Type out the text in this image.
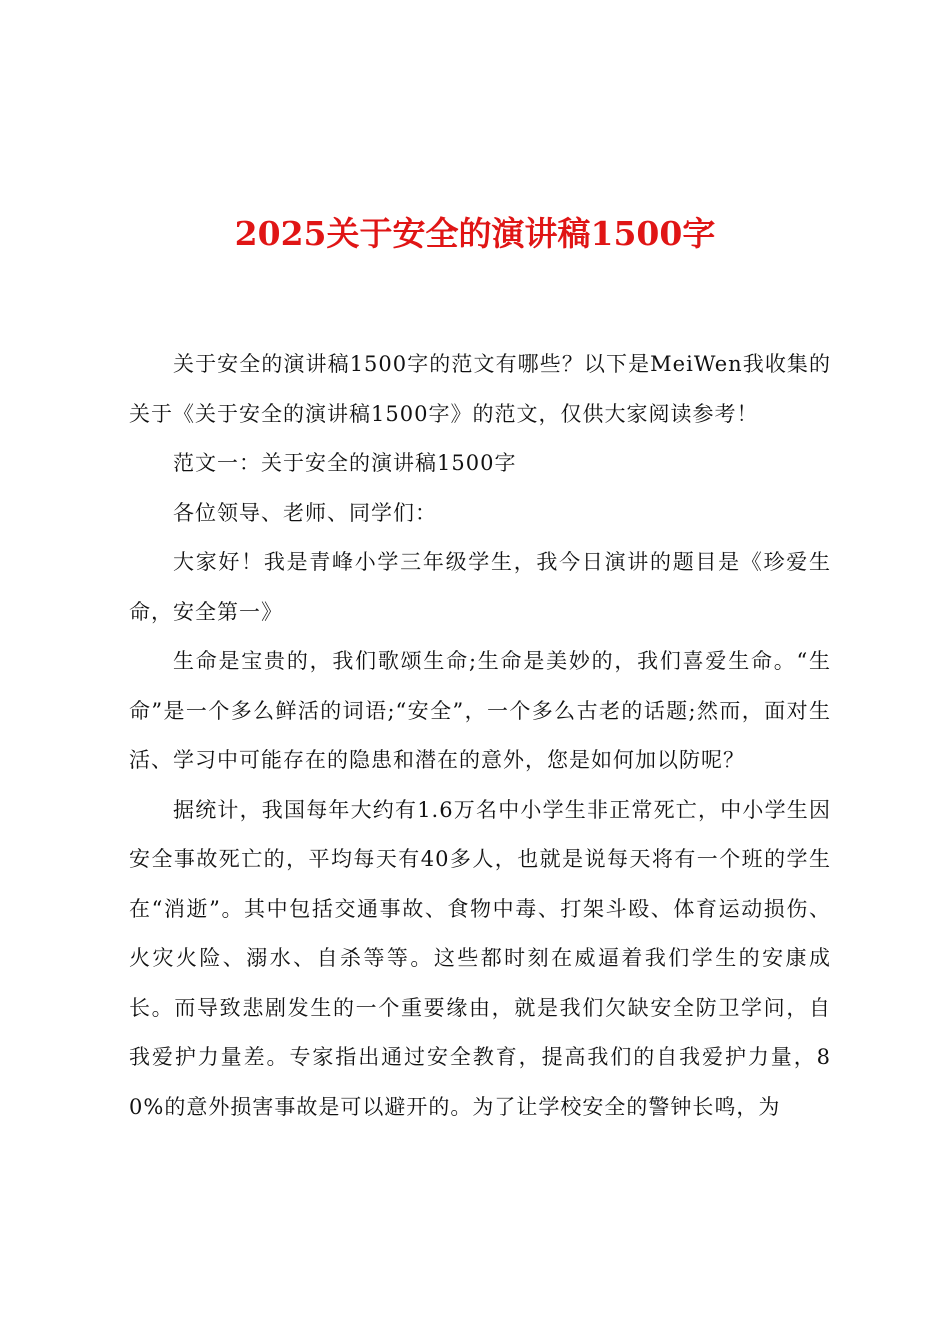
2025关于安全的演讲稿1500字

关于安全的演讲稿1500字的范文有哪些？以下是MeiWen我收集的关于《关于安全的演讲稿1500字》的范文，仅供大家阅读参考！

范文一：关于安全的演讲稿1500字

各位领导、老师、同学们：

大家好！我是青峰小学三年级学生，我今日演讲的题目是《珍爱生命，安全第一》

生命是宝贵的，我们歌颂生命;生命是美妙的，我们喜爱生命。“生命”是一个多么鲜活的词语;“安全”，一个多么古老的话题;然而，面对生活、学习中可能存在的隐患和潜在的意外，您是如何加以防呢？

据统计，我国每年大约有1.6万名中小学生非正常死亡，中小学生因安全事故死亡的，平均每天有40多人，也就是说每天将有一个班的学生在“消逝”。其中包括交通事故、食物中毒、打架斗殴、体育运动损伤、火灾火险、溺水、自杀等等。这些都时刻在威逼着我们学生的安康成长。而导致悲剧发生的一个重要缘由，就是我们欠缺安全防卫学问，自我爱护力量差。专家指出通过安全教育，提高我们的自我爱护力量，80%的意外损害事故是可以避开的。为了让学校安全的警钟长鸣，为
